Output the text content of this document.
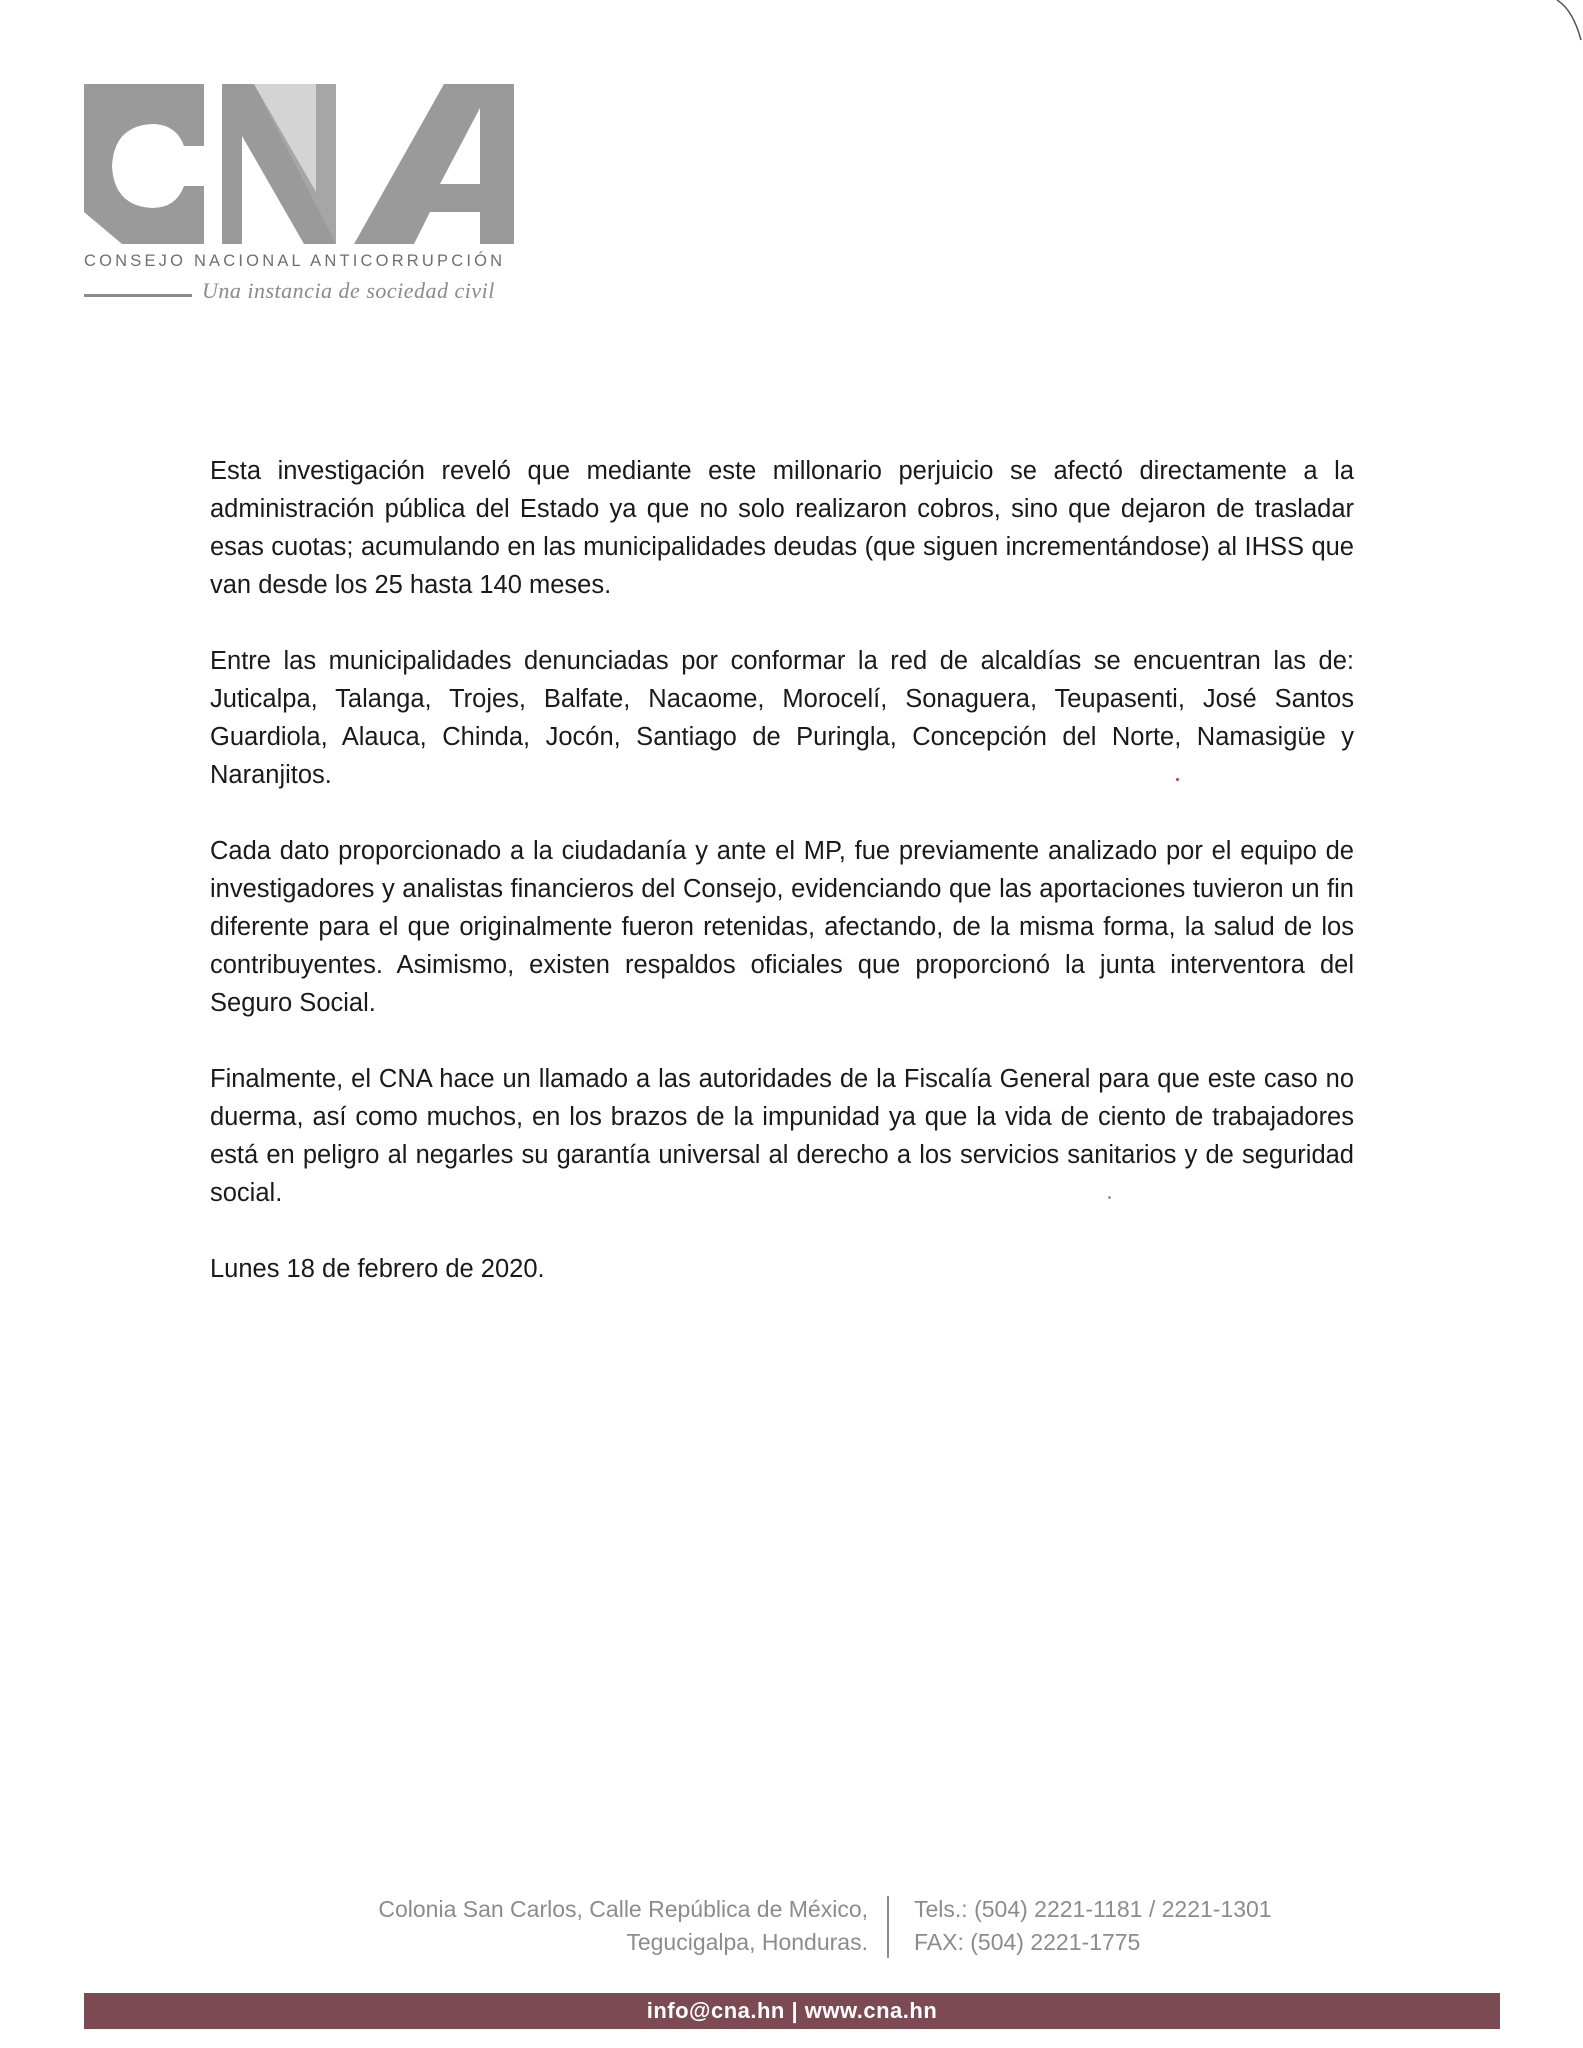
CONSEJO NACIONAL ANTICORRUPCIÓN
Una instancia de sociedad civil

Esta investigación reveló que mediante este millonario perjuicio se afectó directamente a la administración pública del Estado ya que no solo realizaron cobros, sino que dejaron de trasladar esas cuotas; acumulando en las municipalidades deudas (que siguen incrementándose) al IHSS que van desde los 25 hasta 140 meses.

Entre las municipalidades denunciadas por conformar la red de alcaldías se encuentran las de: Juticalpa, Talanga, Trojes, Balfate, Nacaome, Morocelí, Sonaguera, Teupasenti, José Santos Guardiola, Alauca, Chinda, Jocón, Santiago de Puringla, Concepción del Norte, Namasigüe y Naranjitos.

Cada dato proporcionado a la ciudadanía y ante el MP, fue previamente analizado por el equipo de investigadores y analistas financieros del Consejo, evidenciando que las aportaciones tuvieron un fin diferente para el que originalmente fueron retenidas, afectando, de la misma forma, la salud de los contribuyentes. Asimismo, existen respaldos oficiales que proporcionó la junta interventora del Seguro Social.

Finalmente, el CNA hace un llamado a las autoridades de la Fiscalía General para que este caso no duerma, así como muchos, en los brazos de la impunidad ya que la vida de ciento de trabajadores está en peligro al negarles su garantía universal al derecho a los servicios sanitarios y de seguridad social.

Lunes 18 de febrero de 2020.
Colonia San Carlos, Calle República de México,
Tegucigalpa, Honduras.
Tels.: (504) 2221-1181 / 2221-1301
FAX: (504) 2221-1775
info@cna.hn | www.cna.hn
